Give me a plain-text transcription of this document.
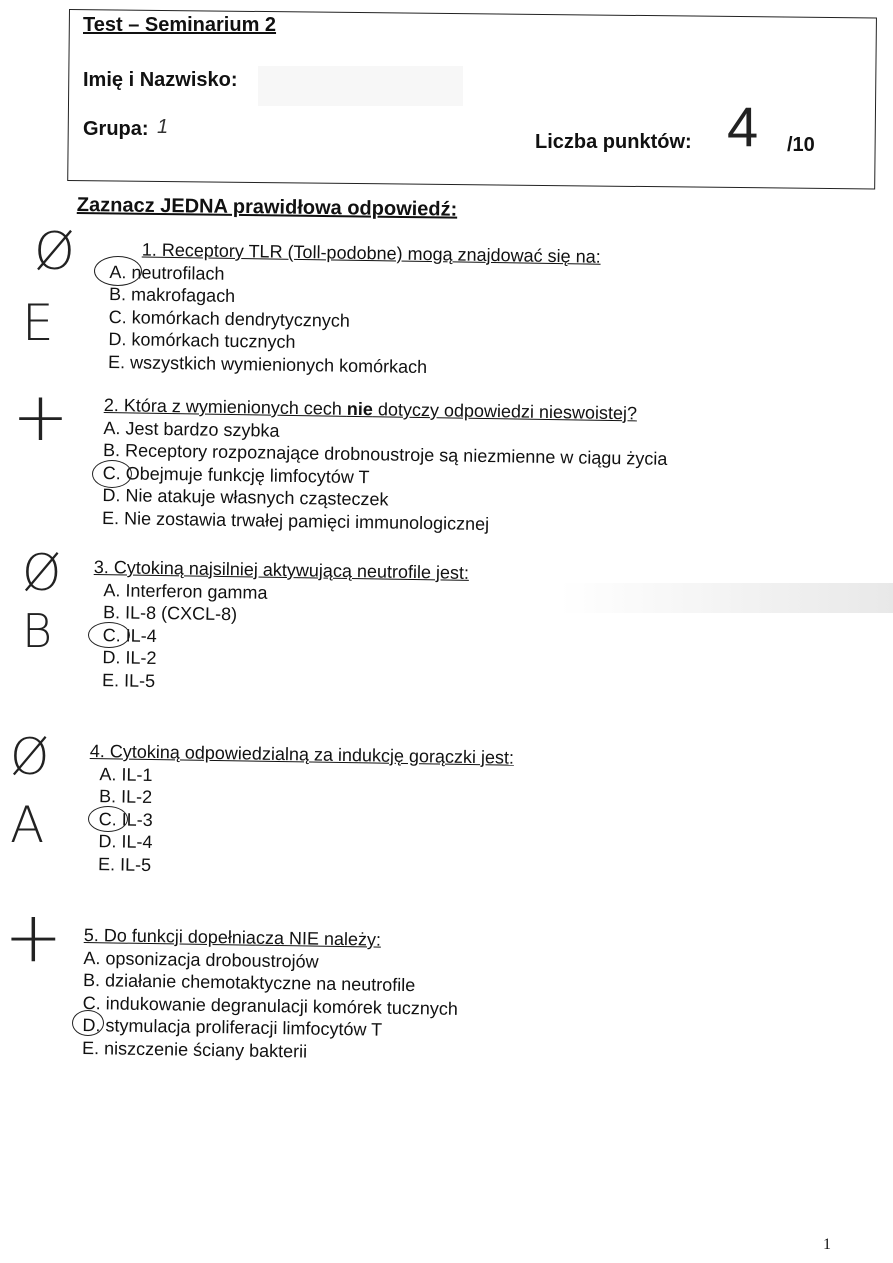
Test – Seminarium 2
Imię i Nazwisko:
Grupa: 1
Liczba punktów: 4 /10
Zaznacz JEDNA prawidłowa odpowiedź:
1. Receptory TLR (Toll-podobne) mogą znajdować się na:
A. neutrofilach
B. makrofagach
C. komórkach dendrytycznych
D. komórkach tucznych
E. wszystkich wymienionych komórkach
2. Która z wymienionych cech nie dotyczy odpowiedzi nieswoistej?
A. Jest bardzo szybka
B. Receptory rozpoznające drobnoustroje są niezmienne w ciągu życia
C. Obejmuje funkcję limfocytów T
D. Nie atakuje własnych cząsteczek
E. Nie zostawia trwałej pamięci immunologicznej
3. Cytokiną najsilniej aktywującą neutrofile jest:
A. Interferon gamma
B. IL-8 (CXCL-8)
C. IL-4
D. IL-2
E. IL-5
4. Cytokiną odpowiedzialną za indukcję gorączki jest:
A. IL-1
B. IL-2
C. IL-3
D. IL-4
E. IL-5
5. Do funkcji dopełniacza NIE należy:
A. opsonizacja droboustrojów
B. działanie chemotaktyczne na neutrofile
C. indukowanie degranulacji komórek tucznych
D. stymulacja proliferacji limfocytów T
E. niszczenie ściany bakterii
Ø
E
+
Ø
B
Ø
A
+
1
